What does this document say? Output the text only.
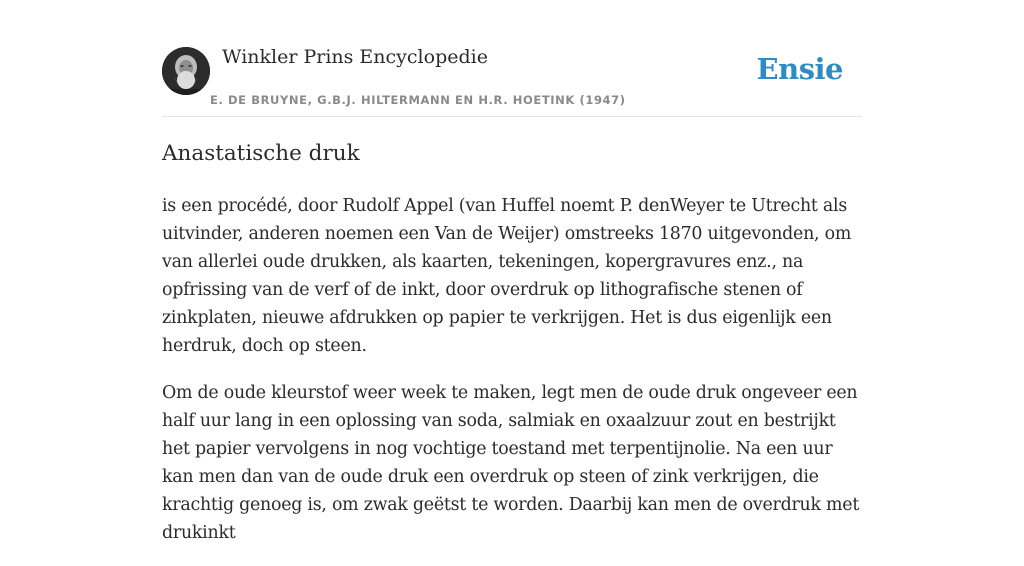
Winkler Prins Encyclopedie
E. DE BRUYNE, G.B.J. HILTERMANN EN H.R. HOETINK (1947)
Ensie
Anastatische druk

is een procédé, door Rudolf Appel (van Huffel noemt P. denWeyer te Utrecht als uitvinder, anderen noemen een Van de Weijer) omstreeks 1870 uitgevonden, om van allerlei oude drukken, als kaarten, tekeningen, kopergravures enz., na opfrissing van de verf of de inkt, door overdruk op lithografische stenen of zinkplaten, nieuwe afdrukken op papier te verkrijgen. Het is dus eigenlijk een herdruk, doch op steen.

Om de oude kleurstof weer week te maken, legt men de oude druk ongeveer een half uur lang in een oplossing van soda, salmiak en oxaalzuur zout en bestrijkt het papier vervolgens in nog vochtige toestand met terpentijnolie. Na een uur kan men dan van de oude druk een overdruk op steen of zink verkrijgen, die krachtig genoeg is, om zwak geëtst te worden. Daarbij kan men de overdruk met drukinkt
